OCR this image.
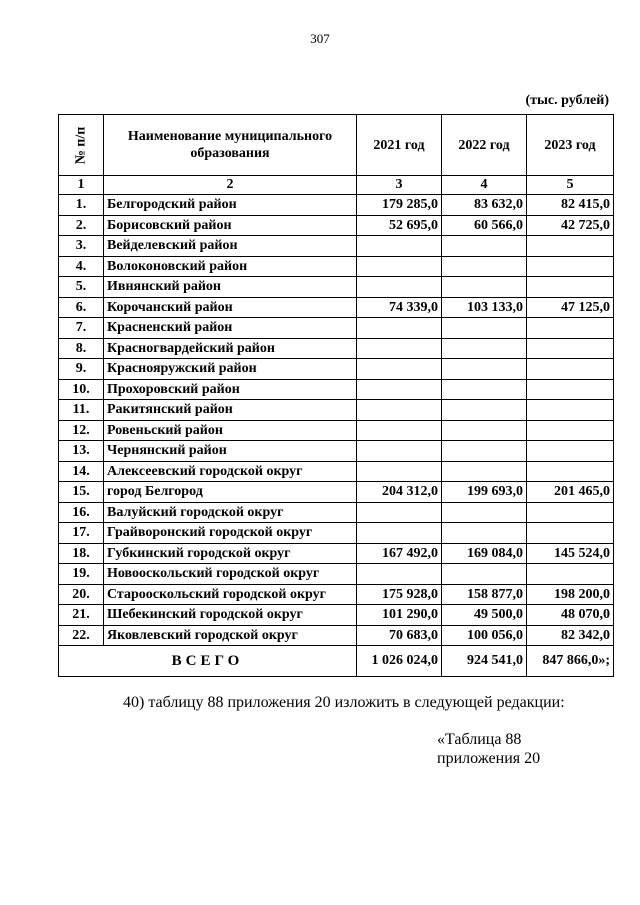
307
(тыс. рублей)
№ п/п	Наименование муниципального образования	2021 год	2022 год	2023 год
1	2	3	4	5
1.	Белгородский район	179 285,0	83 632,0	82 415,0
2.	Борисовский район	52 695,0	60 566,0	42 725,0
3.	Вейделевский район			
4.	Волоконовский район			
5.	Ивнянский район			
6.	Корочанский район	74 339,0	103 133,0	47 125,0
7.	Красненский район			
8.	Красногвардейский район			
9.	Краснояружский район			
10.	Прохоровский район			
11.	Ракитянский район			
12.	Ровеньский район			
13.	Чернянский район			
14.	Алексеевский городской округ			
15.	город Белгород	204 312,0	199 693,0	201 465,0
16.	Валуйский городской округ			
17.	Грайворонский городской округ			
18.	Губкинский городской округ	167 492,0	169 084,0	145 524,0
19.	Новооскольский городской округ			
20.	Старооскольский городской округ	175 928,0	158 877,0	198 200,0
21.	Шебекинский городской округ	101 290,0	49 500,0	48 070,0
22.	Яковлевский городской округ	70 683,0	100 056,0	82 342,0
ВСЕГО		1 026 024,0	924 541,0	847 866,0»;
40) таблицу 88 приложения 20 изложить в следующей редакции:
«Таблица 88
приложения 20
